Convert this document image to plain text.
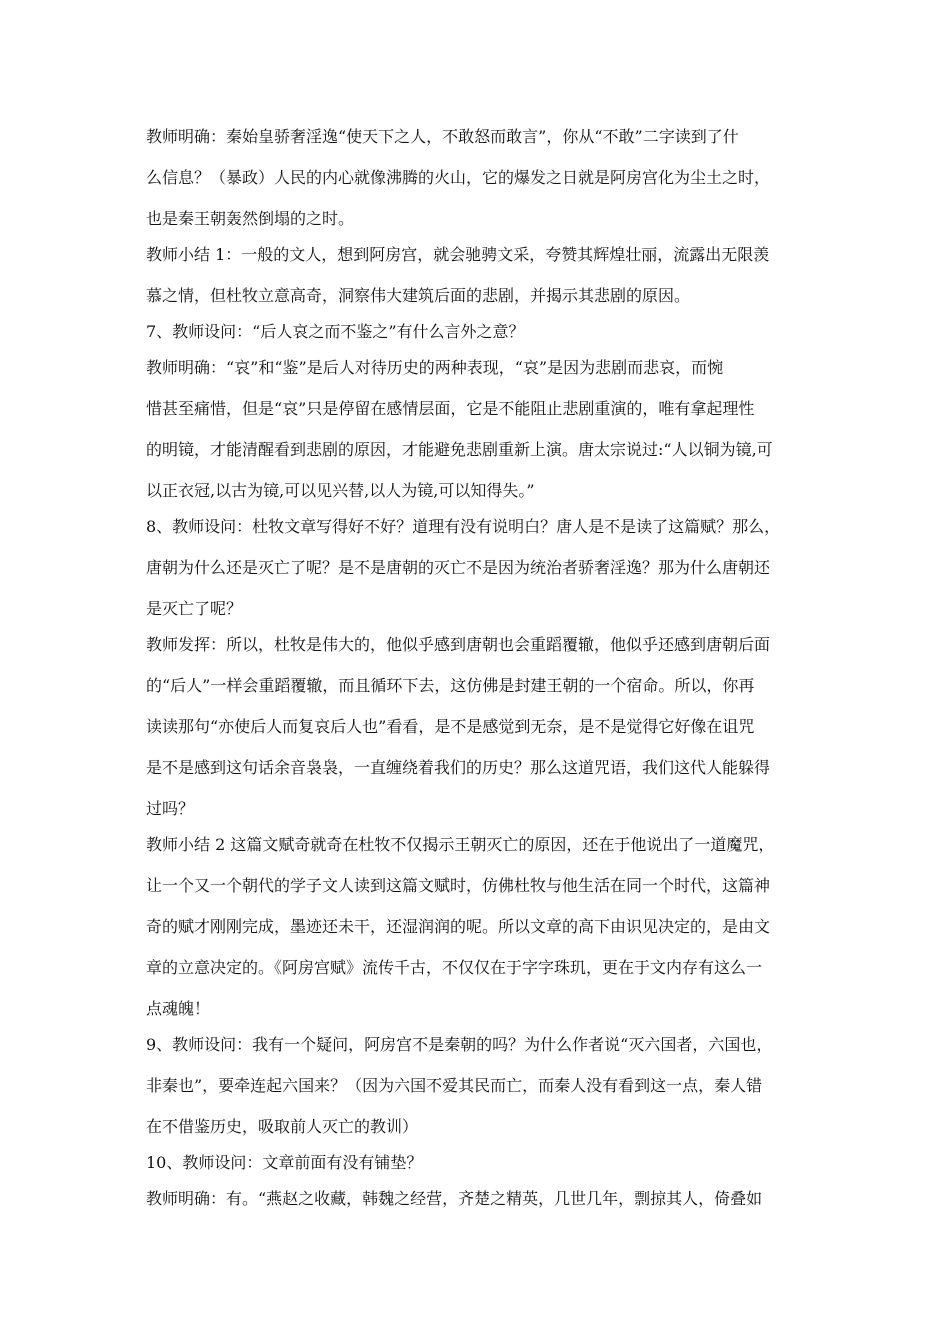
教师明确：秦始皇骄奢淫逸“使天下之人，不敢怒而敢言”，你从“不敢”二字读到了什
么信息？（暴政）人民的内心就像沸腾的火山，它的爆发之日就是阿房宫化为尘土之时，
也是秦王朝轰然倒塌的之时。
教师小结 1：一般的文人，想到阿房宫，就会驰骋文采，夸赞其辉煌壮丽，流露出无限羡
慕之情，但杜牧立意高奇，洞察伟大建筑后面的悲剧，并揭示其悲剧的原因。
7、教师设问：“后人哀之而不鉴之”有什么言外之意？
教师明确：“哀”和“鉴”是后人对待历史的两种表现，“哀”是因为悲剧而悲哀，而惋
惜甚至痛惜，但是“哀”只是停留在感情层面，它是不能阻止悲剧重演的，唯有拿起理性
的明镜，才能清醒看到悲剧的原因，才能避免悲剧重新上演。唐太宗说过:“人以铜为镜,可
以正衣冠,以古为镜,可以见兴替,以人为镜,可以知得失。”
8、教师设问：杜牧文章写得好不好？道理有没有说明白？唐人是不是读了这篇赋？那么，
唐朝为什么还是灭亡了呢？是不是唐朝的灭亡不是因为统治者骄奢淫逸？那为什么唐朝还
是灭亡了呢？
教师发挥：所以，杜牧是伟大的，他似乎感到唐朝也会重蹈覆辙，他似乎还感到唐朝后面
的“后人”一样会重蹈覆辙，而且循环下去，这仿佛是封建王朝的一个宿命。所以，你再
读读那句“亦使后人而复哀后人也”看看，是不是感觉到无奈，是不是觉得它好像在诅咒
是不是感到这句话余音袅袅，一直缠绕着我们的历史？那么这道咒语，我们这代人能躲得
过吗？
教师小结 2 这篇文赋奇就奇在杜牧不仅揭示王朝灭亡的原因，还在于他说出了一道魔咒，
让一个又一个朝代的学子文人读到这篇文赋时，仿佛杜牧与他生活在同一个时代，这篇神
奇的赋才刚刚完成，墨迹还未干，还湿润润的呢。所以文章的高下由识见决定的，是由文
章的立意决定的。《阿房宫赋》流传千古，不仅仅在于字字珠玑，更在于文内存有这么一
点魂魄！
9、教师设问：我有一个疑问，阿房宫不是秦朝的吗？为什么作者说“灭六国者，六国也，
非秦也”，要牵连起六国来？（因为六国不爱其民而亡，而秦人没有看到这一点，秦人错
在不借鉴历史，吸取前人灭亡的教训）
10、教师设问：文章前面有没有铺垫？
教师明确：有。“燕赵之收藏，韩魏之经营，齐楚之精英，几世几年，剽掠其人，倚叠如
